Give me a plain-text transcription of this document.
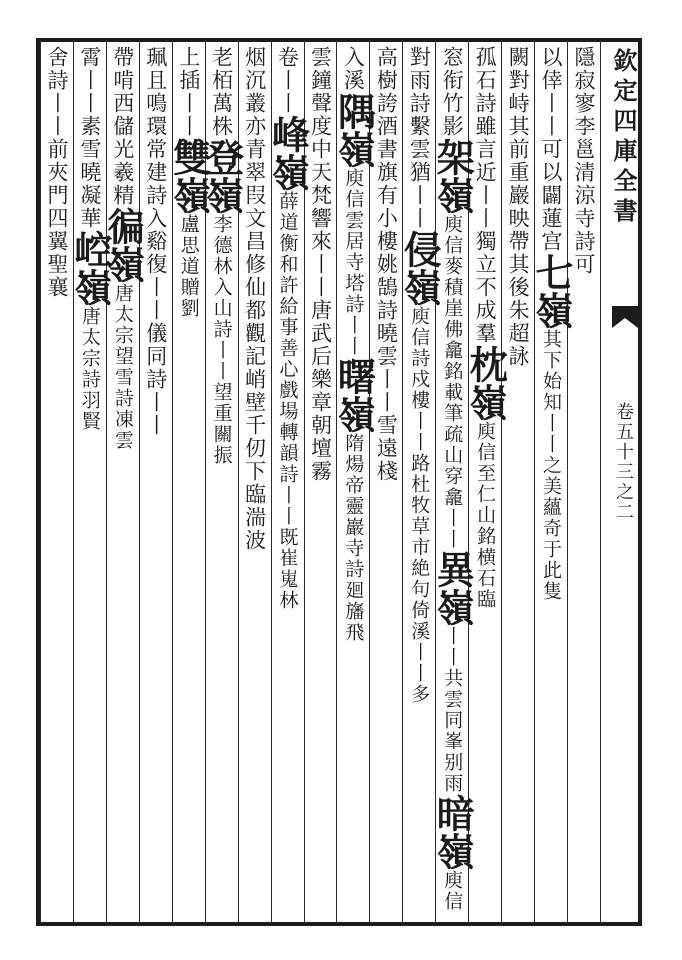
欽定四庫全書
卷五十三之二
隱寂寥李邕清涼寺詩可
以倖丨丨可以闢蓮宫七嶺其下始知丨丨之美蘊奇于此隻
闕對峙其前重巖映帶其後朱超詠
孤石詩雖言近丨丨獨立不成羣枕嶺庾信至仁山銘横石臨
窓衔竹影架嶺庾信麥積崖佛龕銘載筆疏山穿龕丨丨異嶺丨丨共雲同峯别雨暗嶺庾信
對雨詩繫雲猶丨丨侵嶺庾信詩戍樓丨丨路杜牧草市絶句倚溪丨丨多
高樹誇酒書旗有小樓姚鵠詩曉雲丨丨雪遠棧
入溪隅嶺庾信雲居寺塔詩丨丨曙嶺隋煬帝靈巖寺詩廻旛飛
雲鐘聲度中天梵響來丨丨唐武后樂章朝壇霧
卷丨丨峰嶺薛道衡和許給事善心戲場轉韻詩丨丨既崔嵬林
烟沉叢亦青翠叚文昌修仙都觀記峭壁千仞下臨湍波
老栢萬株登嶺李德林入山詩丨丨望重關振
上插丨丨雙嶺盧思道贈劉
珮且鳴環常建詩入谿復丨丨儀同詩丨丨
帶啃西儲光羲精徧嶺唐太宗望雪詩凍雲
霄丨丨素雪曉凝華崆嶺唐太宗詩羽賢
舍詩丨丨前夾門四翼聖襄
